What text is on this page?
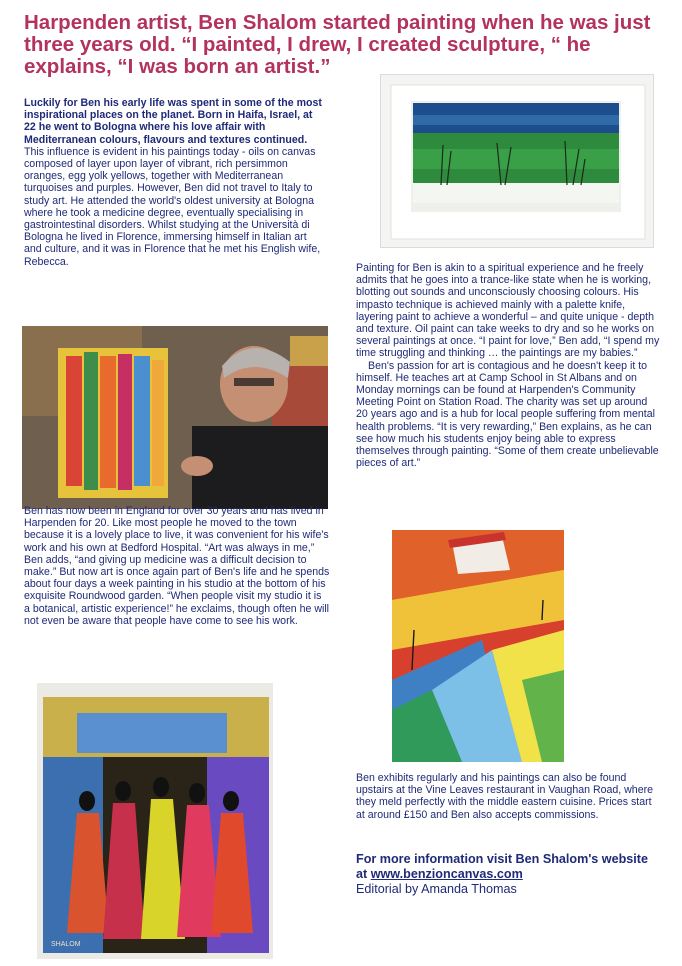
Harpenden artist, Ben Shalom started painting when he was just three years old. “I painted, I drew, I created sculpture, “ he explains, “I was born an artist.”

Luckily for Ben his early life was spent in some of the most inspirational places on the planet. Born in Haifa, Israel, at 22 he went to Bologna where his love affair with Mediterranean colours, flavours and textures continued.

This influence is evident in his paintings today - oils on canvas composed of layer upon layer of vibrant, rich persimmon oranges, egg yolk yellows, together with Mediterranean turquoises and purples. However, Ben did not travel to Italy to study art. He attended the world's oldest university at Bologna where he took a medicine degree, eventually specialising in gastrointestinal disorders. Whilst studying at the Università di Bologna he lived in Florence, immersing himself in Italian art and culture, and it was in Florence that he met his English wife, Rebecca.

Ben has now been in England for over 30 years and has lived in Harpenden for 20. Like most people he moved to the town because it is a lovely place to live, it was convenient for his wife's work and his own at Bedford Hospital. “Art was always in me,” Ben adds, “and giving up medicine was a difficult decision to make.” But now art is once again part of Ben's life and he spends about four days a week painting in his studio at the bottom of his exquisite Roundwood garden. “When people visit my studio it is a botanical, artistic experience!” he exclaims, though often he will not even be aware that people have come to see his work.
SHALOM

Painting for Ben is akin to a spiritual experience and he freely admits that he goes into a trance-like state when he is working, blotting out sounds and unconsciously choosing colours. His impasto technique is achieved mainly with a palette knife, layering paint to achieve a wonderful – and quite unique - depth and texture. Oil paint can take weeks to dry and so he works on several paintings at once. “I paint for love,” Ben add, “I spend my time struggling and thinking … the paintings are my babies.”

Ben's passion for art is contagious and he doesn't keep it to himself. He teaches art at Camp School in St Albans and on Monday mornings can be found at Harpenden's Community Meeting Point on Station Road. The charity was set up around 20 years ago and is a hub for local people suffering from mental health problems. “It is very rewarding,” Ben explains, as he can see how much his students enjoy being able to express themselves through painting. “Some of them create unbelievable pieces of art.”

Ben exhibits regularly and his paintings can also be found upstairs at the Vine Leaves restaurant in Vaughan Road, where they meld perfectly with the middle eastern cuisine. Prices start at around £150 and Ben also accepts commissions.

For more information visit Ben Shalom's website at www.benzioncanvas.com

Editorial by Amanda Thomas
